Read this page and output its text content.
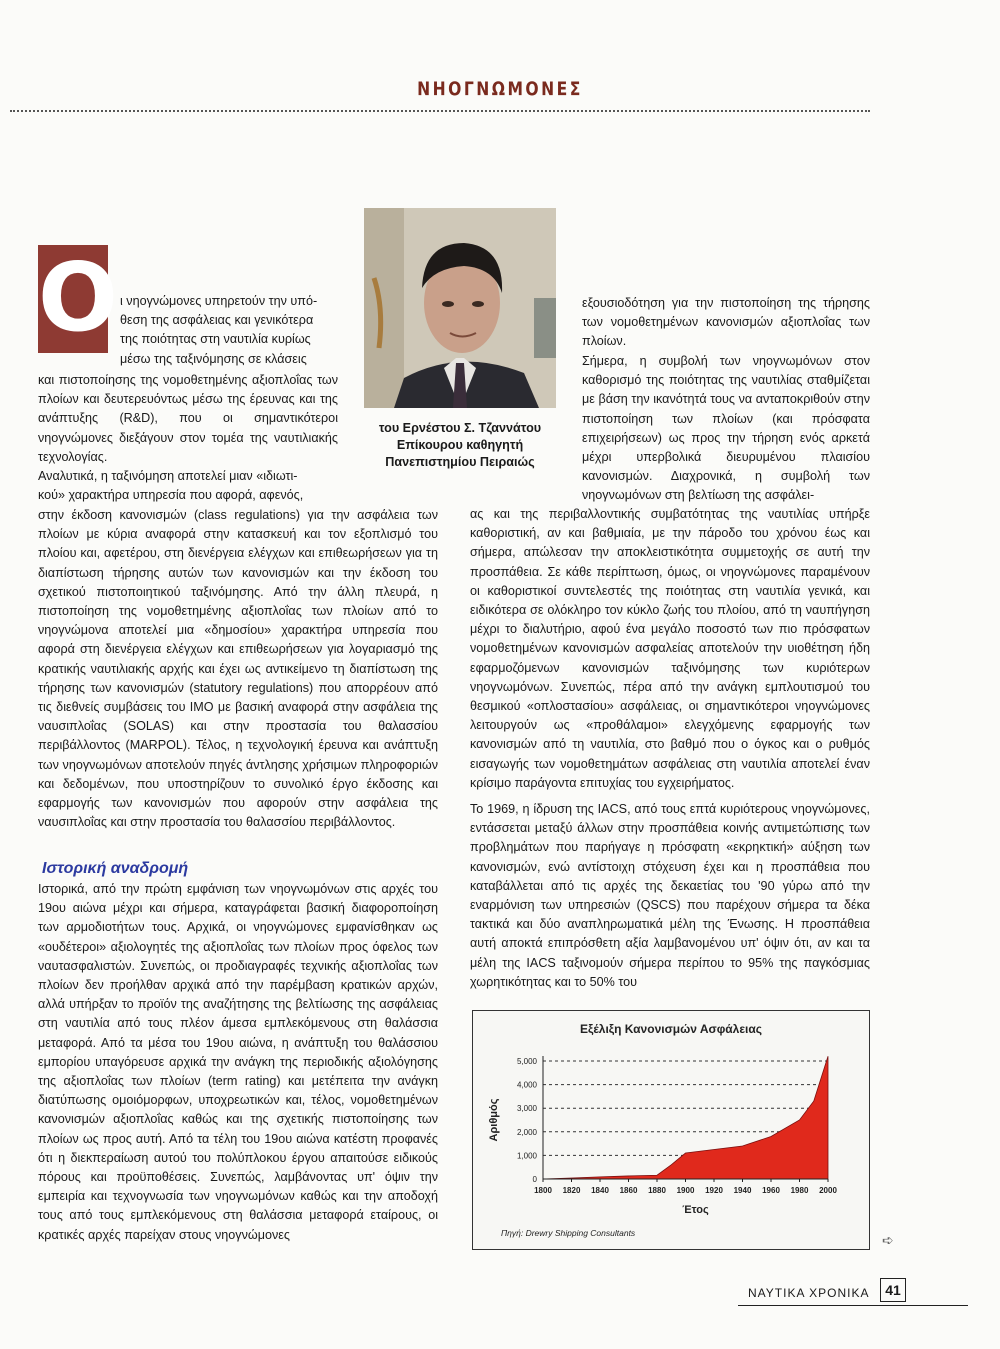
ΝΗΟΓΝΩΜΟΝΕΣ
Ο ι νηογνώμονες υπηρετούν την υπό-

θεση της ασφάλειας και γενικότερα

της ποιότητας στη ναυτιλία κυρίως

μέσω της ταξινόμησης σε κλάσεις

και πιστοποίησης της νομοθετημένης αξιοπλοΐας των πλοίων και δευτερευόντως μέσω της έρευνας και της ανάπτυξης (R&D), που οι σημαντικότεροι νηογνώμονες διεξάγουν στον τομέα της ναυτιλιακής τεχνολογίας.

Αναλυτικά, η ταξινόμηση αποτελεί μιαν «ιδιωτι-

κού» χαρακτήρα υπηρεσία που αφορά, αφενός,

στην έκδοση κανονισμών (class regulations) για την ασφάλεια των πλοίων με κύρια αναφορά στην κατασκευή και τον εξοπλισμό του πλοίου και, αφετέρου, στη διενέργεια ελέγχων και επιθεωρήσεων για τη διαπίστωση τήρησης αυτών των κανονισμών και την έκδοση του σχετικού πιστοποιητικού ταξινόμησης. Από την άλλη πλευρά, η πιστοποίηση της νομοθετημένης αξιοπλοΐας των πλοίων από το νηογνώμονα αποτελεί μια «δημοσίου» χαρακτήρα υπηρεσία που αφορά στη διενέργεια ελέγχων και επιθεωρήσεων για λογαριασμό της κρατικής ναυτιλιακής αρχής και έχει ως αντικείμενο τη διαπίστωση της τήρησης των κανονισμών (statutory regulations) που απορρέουν από τις διεθνείς συμβάσεις του IMO με βασική αναφορά στην ασφάλεια της ναυσιπλοΐας (SOLAS) και στην προστασία του θαλασσίου περιβάλλοντος (MARPOL). Τέλος, η τεχνολογική έρευνα και ανάπτυξη των νηογνωμόνων αποτελούν πηγές άντλησης χρήσιμων πληροφοριών και δεδομένων, που υποστηρίζουν το συνολικό έργο έκδοσης και εφαρμογής των κανονισμών που αφορούν στην ασφάλεια της ναυσιπλοΐας και στην προστασία του θαλασσίου περιβάλλοντος.
Ιστορική αναδρομή
Ιστορικά, από την πρώτη εμφάνιση των νηογνωμόνων στις αρχές του 19ου αιώνα μέχρι και σήμερα, καταγράφεται βασική διαφοροποίηση των αρμοδιοτήτων τους. Αρχικά, οι νηογνώμονες εμφανίσθηκαν ως «ουδέτεροι» αξιολογητές της αξιοπλοΐας των πλοίων προς όφελος των ναυτασφαλιστών. Συνεπώς, οι προδιαγραφές τεχνικής αξιοπλοΐας των πλοίων δεν προήλθαν αρχικά από την παρέμβαση κρατικών αρχών, αλλά υπήρξαν το προϊόν της αναζήτησης της βελτίωσης της ασφάλειας στη ναυτιλία από τους πλέον άμεσα εμπλεκόμενους στη θαλάσσια μεταφορά. Από τα μέσα του 19ου αιώνα, η ανάπτυξη του θαλάσσιου εμπορίου υπαγόρευσε αρχικά την ανάγκη της περιοδικής αξιολόγησης της αξιοπλοΐας των πλοίων (term rating) και μετέπειτα την ανάγκη διατύπωσης ομοιόμορφων, υποχρεωτικών και, τέλος, νομοθετημένων κανονισμών αξιοπλοΐας καθώς και της σχετικής πιστοποίησης των πλοίων ως προς αυτή. Από τα τέλη του 19ου αιώνα κατέστη προφανές ότι η διεκπεραίωση αυτού του πολύπλοκου έργου απαιτούσε ειδικούς πόρους και προϋποθέσεις. Συνεπώς, λαμβάνοντας υπ' όψιν την εμπειρία και τεχνογνωσία των νηογνωμόνων καθώς και την αποδοχή τους από τους εμπλεκόμενους στη θαλάσσια μεταφορά εταίρους, οι κρατικές αρχές παρείχαν στους νηογνώμονες
του Ερνέστου Σ. Τζαννάτου
Επίκουρου καθηγητή
Πανεπιστημίου Πειραιώς
εξουσιοδότηση για την πιστοποίηση της τήρησης των νομοθετημένων κανονισμών αξιοπλοΐας των πλοίων.
Σήμερα, η συμβολή των νηογνωμόνων στον καθορισμό της ποιότητας της ναυτιλίας σταθμίζεται με βάση την ικανότητά τους να ανταποκριθούν στην πιστοποίηση των πλοίων (και πρόσφατα επιχειρήσεων) ως προς την τήρηση ενός αρκετά μέχρι υπερβολικά διευρυμένου πλαισίου κανονισμών. Διαχρονικά, η συμβολή των νηογνωμόνων στη βελτίωση της ασφάλει-
ας και της περιβαλλοντικής συμβατότητας της ναυτιλίας υπήρξε καθοριστική, αν και βαθμιαία, με την πάροδο του χρόνου έως και σήμερα, απώλεσαν την αποκλειστικότητα συμμετοχής σε αυτή την προσπάθεια. Σε κάθε περίπτωση, όμως, οι νηογνώμονες παραμένουν οι καθοριστικοί συντελεστές της ποιότητας στη ναυτιλία γενικά, και ειδικότερα σε ολόκληρο τον κύκλο ζωής του πλοίου, από τη ναυπήγηση μέχρι το διαλυτήριο, αφού ένα μεγάλο ποσοστό των πιο πρόσφατων νομοθετημένων κανονισμών ασφαλείας αποτελούν την υιοθέτηση ήδη εφαρμοζόμενων κανονισμών ταξινόμησης των κυριότερων νηογνωμόνων. Συνεπώς, πέρα από την ανάγκη εμπλουτισμού του θεσμικού «οπλοστασίου» ασφάλειας, οι σημαντικότεροι νηογνώμονες λειτουργούν ως «προθάλαμοι» ελεγχόμενης εφαρμογής των κανονισμών από τη ναυτιλία, στο βαθμό που ο όγκος και ο ρυθμός εισαγωγής των νομοθετημάτων ασφάλειας στη ναυτιλία αποτελεί έναν κρίσιμο παράγοντα επιτυχίας του εγχειρήματος.
Το 1969, η ίδρυση της IACS, από τους επτά κυριότερους νηογνώμονες, εντάσσεται μεταξύ άλλων στην προσπάθεια κοινής αντιμετώπισης των προβλημάτων που παρήγαγε η πρόσφατη «εκρηκτική» αύξηση των κανονισμών, ενώ αντίστοιχη στόχευση έχει και η προσπάθεια που καταβάλλεται από τις αρχές της δεκαετίας του '90 γύρω από την εναρμόνιση των υπηρεσιών (QSCS) που παρέχουν σήμερα τα δέκα τακτικά και δύο αναπληρωματικά μέλη της Ένωσης. Η προσπάθεια αυτή αποκτά επιπρόσθετη αξία λαμβανομένου υπ' όψιν ότι, αν και τα μέλη της IACS ταξινομούν σήμερα περίπου το 95% της παγκόσμιας χωρητικότητας και το 50% του
Εξέλιξη Κανονισμών Ασφάλειας
0
1,000
2,000
3,000
4,000
5,000
1800 1820 1840 1860 1880 1900 1920 1940 1960 1980 2000
Έτος
Αριθμός
Πηγή: Drewry Shipping Consultants	➪
ΝΑΥΤΙΚΑ ΧΡΟΝΙΚΑ	41
